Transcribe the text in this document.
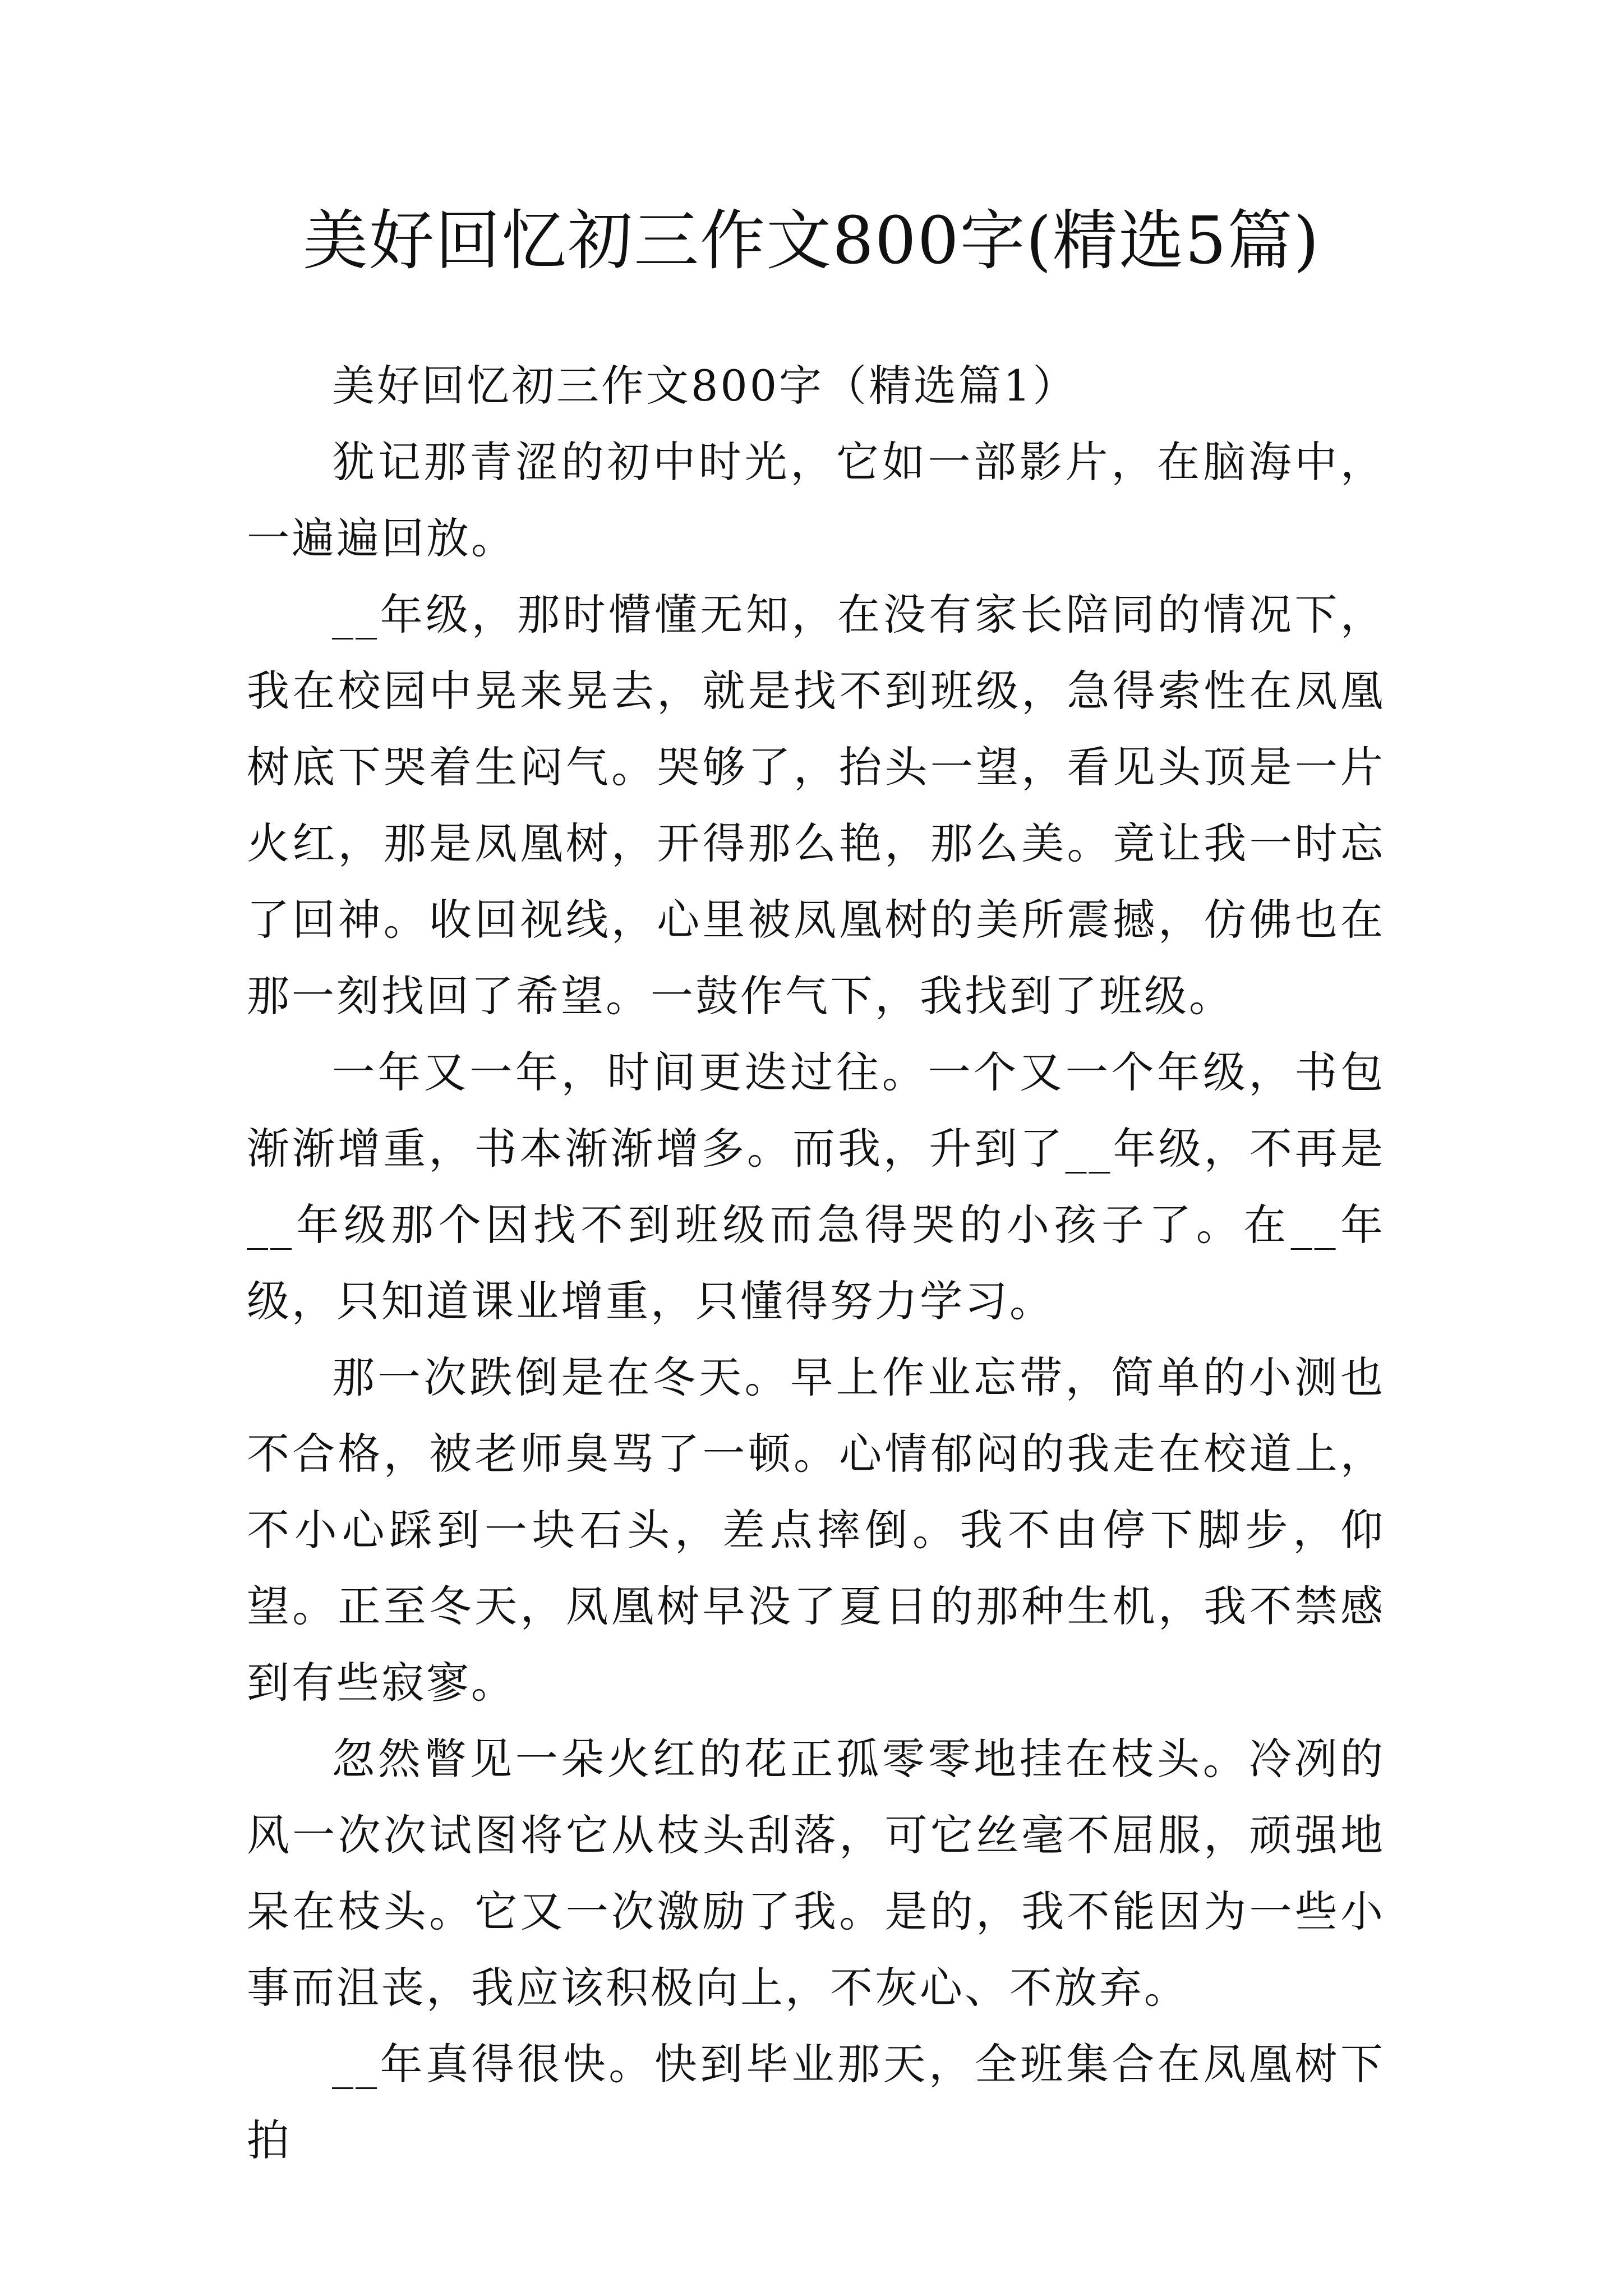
美好回忆初三作文800字(精选5篇)

美好回忆初三作文800字（精选篇1）

犹记那青涩的初中时光，它如一部影片，在脑海中，一遍遍回放。

__年级，那时懵懂无知，在没有家长陪同的情况下，我在校园中晃来晃去，就是找不到班级，急得索性在凤凰树底下哭着生闷气。哭够了，抬头一望，看见头顶是一片火红，那是凤凰树，开得那么艳，那么美。竟让我一时忘了回神。收回视线，心里被凤凰树的美所震撼，仿佛也在那一刻找回了希望。一鼓作气下，我找到了班级。

一年又一年，时间更迭过往。一个又一个年级，书包渐渐增重，书本渐渐增多。而我，升到了__年级，不再是__年级那个因找不到班级而急得哭的小孩子了。在__年级，只知道课业增重，只懂得努力学习。

那一次跌倒是在冬天。早上作业忘带，简单的小测也不合格，被老师臭骂了一顿。心情郁闷的我走在校道上，不小心踩到一块石头，差点摔倒。我不由停下脚步，仰望。正至冬天，凤凰树早没了夏日的那种生机，我不禁感到有些寂寥。

忽然瞥见一朵火红的花正孤零零地挂在枝头。冷冽的风一次次试图将它从枝头刮落，可它丝毫不屈服，顽强地呆在枝头。它又一次激励了我。是的，我不能因为一些小事而沮丧，我应该积极向上，不灰心、不放弃。

__年真得很快。快到毕业那天，全班集合在凤凰树下拍
